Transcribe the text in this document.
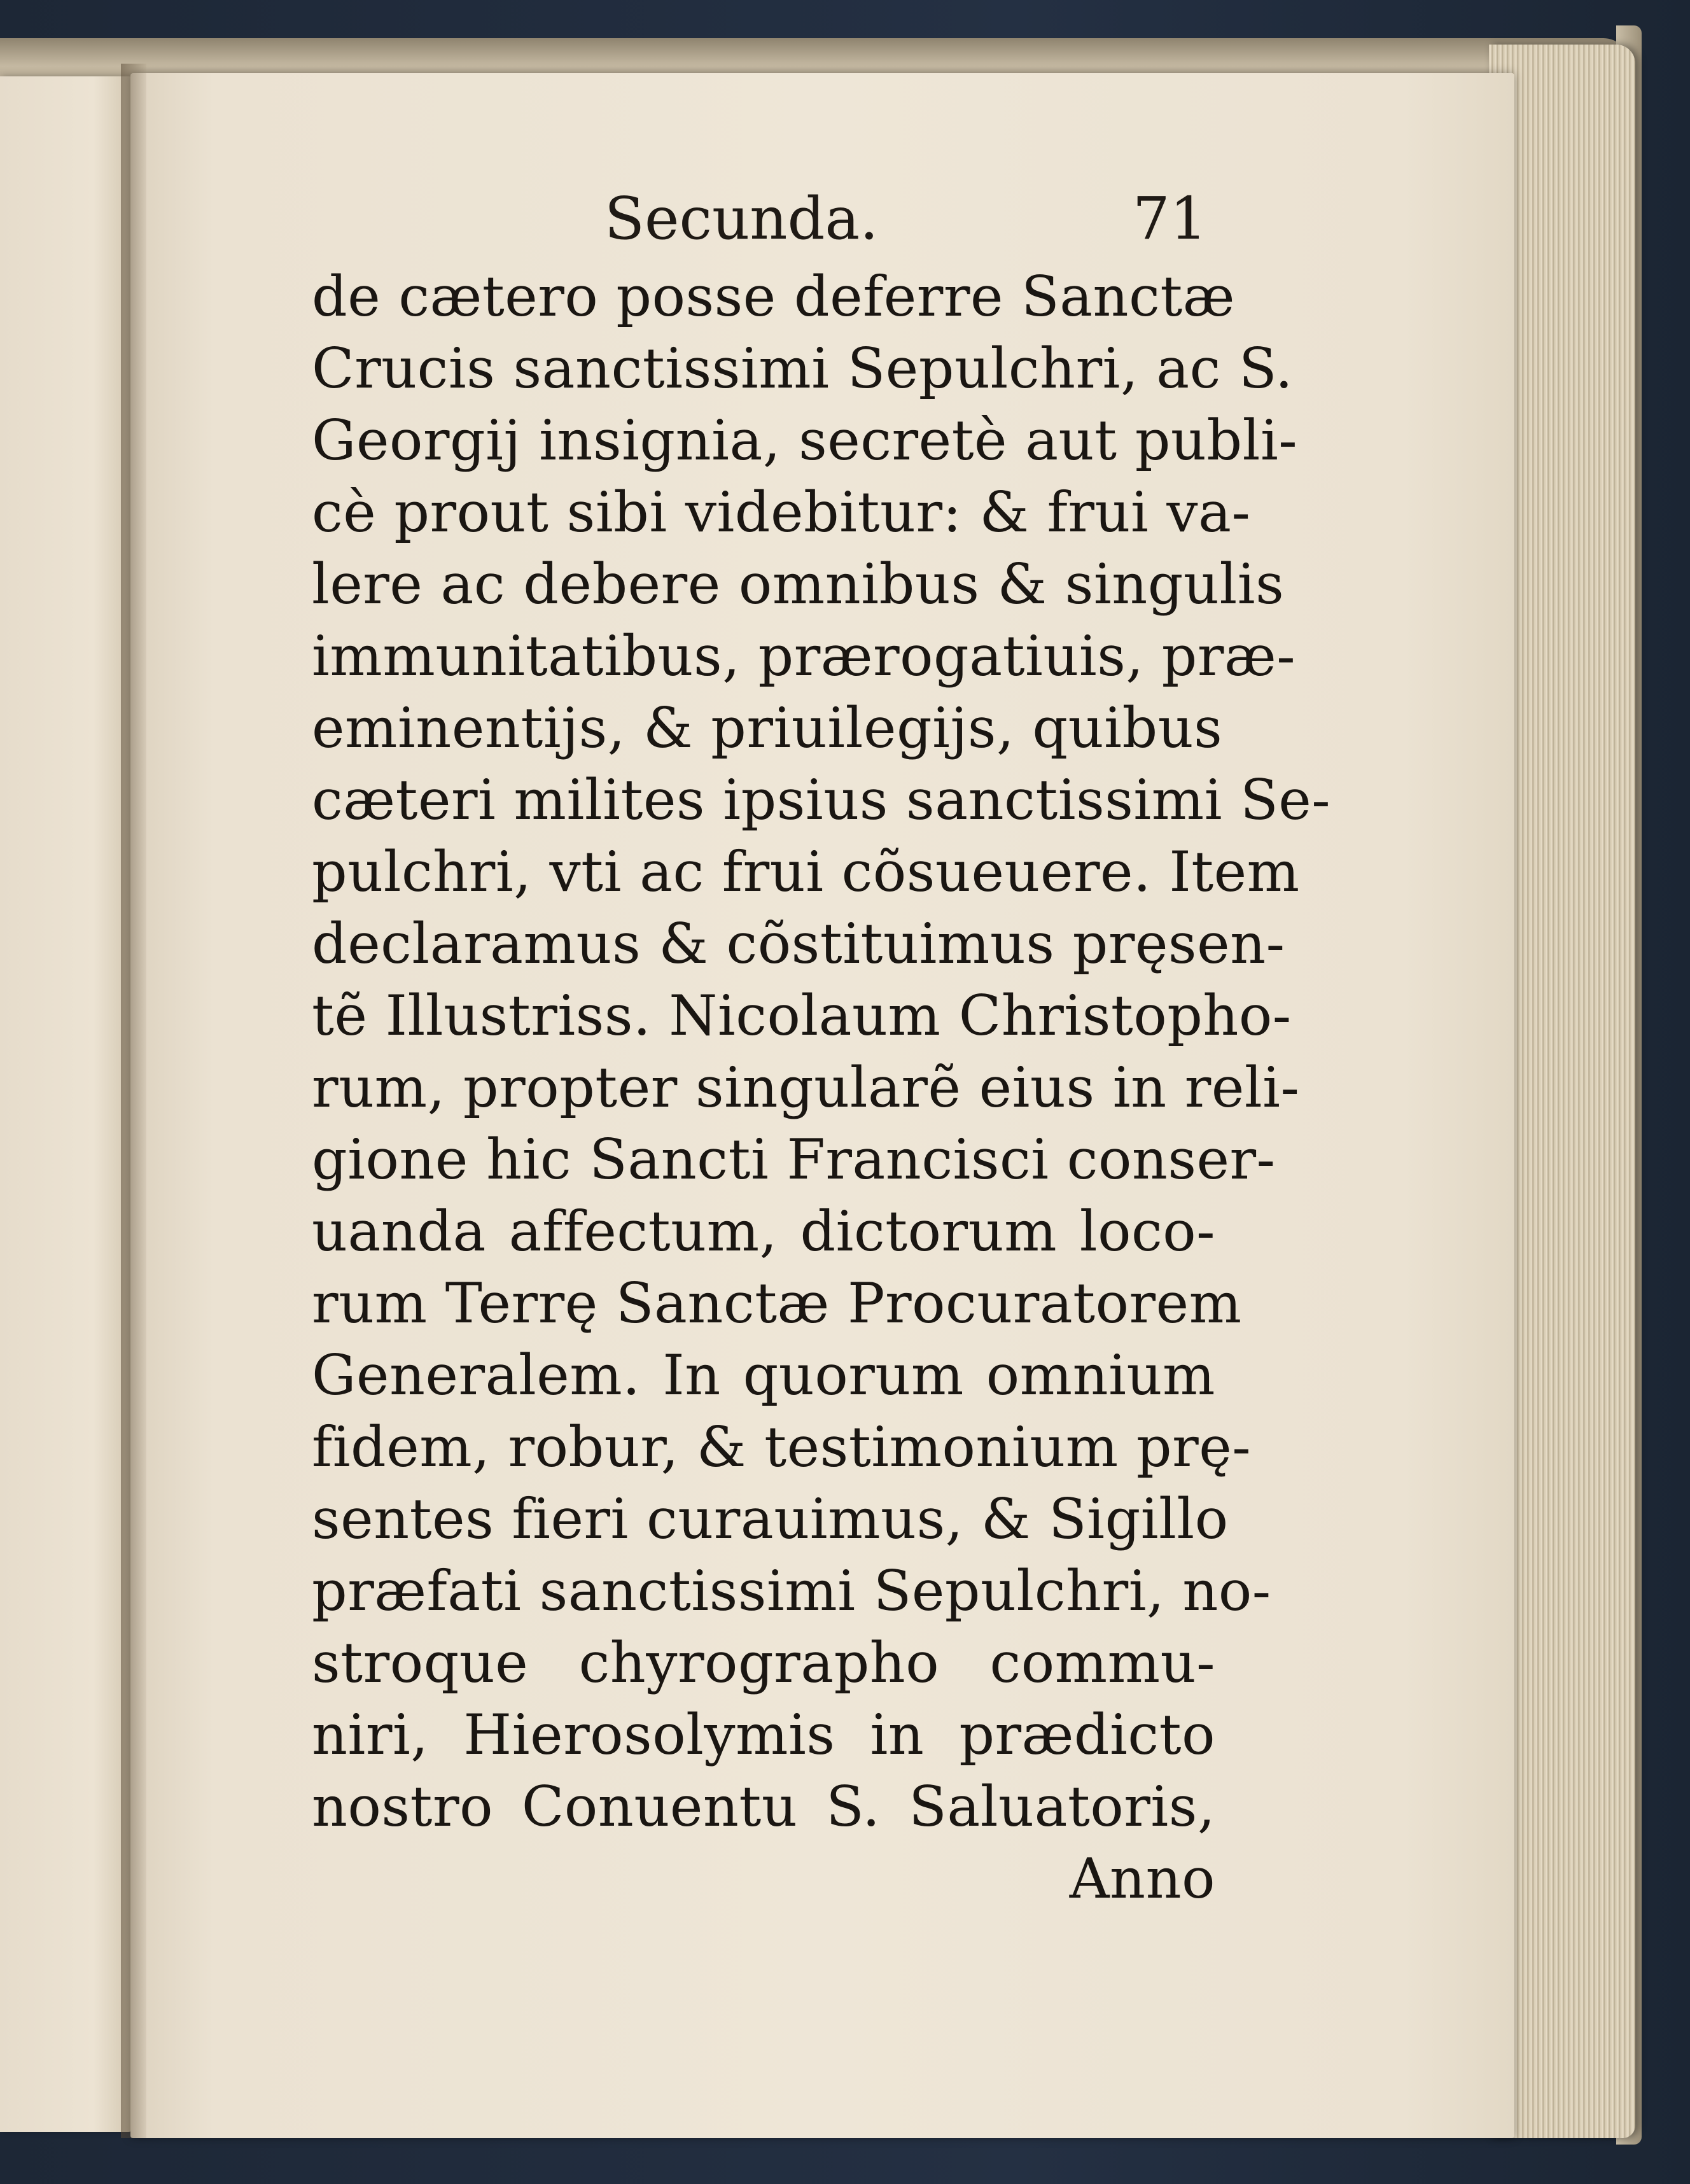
Secunda.	71
de cætero posse deferre Sanctæ
Crucis sanctissimi Sepulchri, ac S.
Georgij insignia, secretè aut publi-
cè prout sibi videbitur: & frui va-
lere ac debere omnibus & singulis
immunitatibus, prærogatiuis, præ-
eminentijs, & priuilegijs, quibus
cæteri milites ipsius sanctissimi Se-
pulchri, vti ac frui cõsueuere. Item
declaramus & cõstituimus pręsen-
tẽ Illustriss. Nicolaum Christopho-
rum, propter singularẽ eius in reli-
gione hic Sancti Francisci conser-
uanda affectum, dictorum loco-
rum Terrę Sanctæ Procuratorem
Generalem. In quorum omnium
fidem, robur, & testimonium prę-
sentes fieri curauimus, & Sigillo
præfati sanctissimi Sepulchri, no-
stroque chyrographo commu-
niri, Hierosolymis in prædicto
nostro Conuentu S. Saluatoris,
Anno
